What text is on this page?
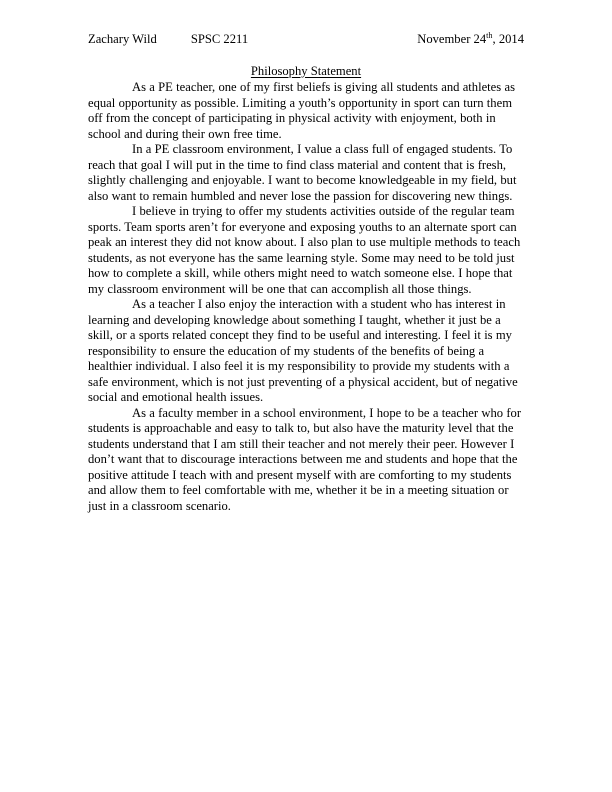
Zachary Wild	SPSC 2211	November 24th, 2014
Philosophy Statement

As a PE teacher, one of my first beliefs is giving all students and athletes as equal opportunity as possible. Limiting a youth’s opportunity in sport can turn them off from the concept of participating in physical activity with enjoyment, both in school and during their own free time.

In a PE classroom environment, I value a class full of engaged students. To reach that goal I will put in the time to find class material and content that is fresh, slightly challenging and enjoyable. I want to become knowledgeable in my field, but also want to remain humbled and never lose the passion for discovering new things.

I believe in trying to offer my students activities outside of the regular team sports. Team sports aren’t for everyone and exposing youths to an alternate sport can peak an interest they did not know about. I also plan to use multiple methods to teach students, as not everyone has the same learning style. Some may need to be told just how to complete a skill, while others might need to watch someone else. I hope that my classroom environment will be one that can accomplish all those things.

As a teacher I also enjoy the interaction with a student who has interest in learning and developing knowledge about something I taught, whether it just be a skill, or a sports related concept they find to be useful and interesting. I feel it is my responsibility to ensure the education of my students of the benefits of being a healthier individual. I also feel it is my responsibility to provide my students with a safe environment, which is not just preventing of a physical accident, but of negative social and emotional health issues.

As a faculty member in a school environment, I hope to be a teacher who for students is approachable and easy to talk to, but also have the maturity level that the students understand that I am still their teacher and not merely their peer. However I don’t want that to discourage interactions between me and students and hope that the positive attitude I teach with and present myself with are comforting to my students and allow them to feel comfortable with me, whether it be in a meeting situation or just in a classroom scenario.
